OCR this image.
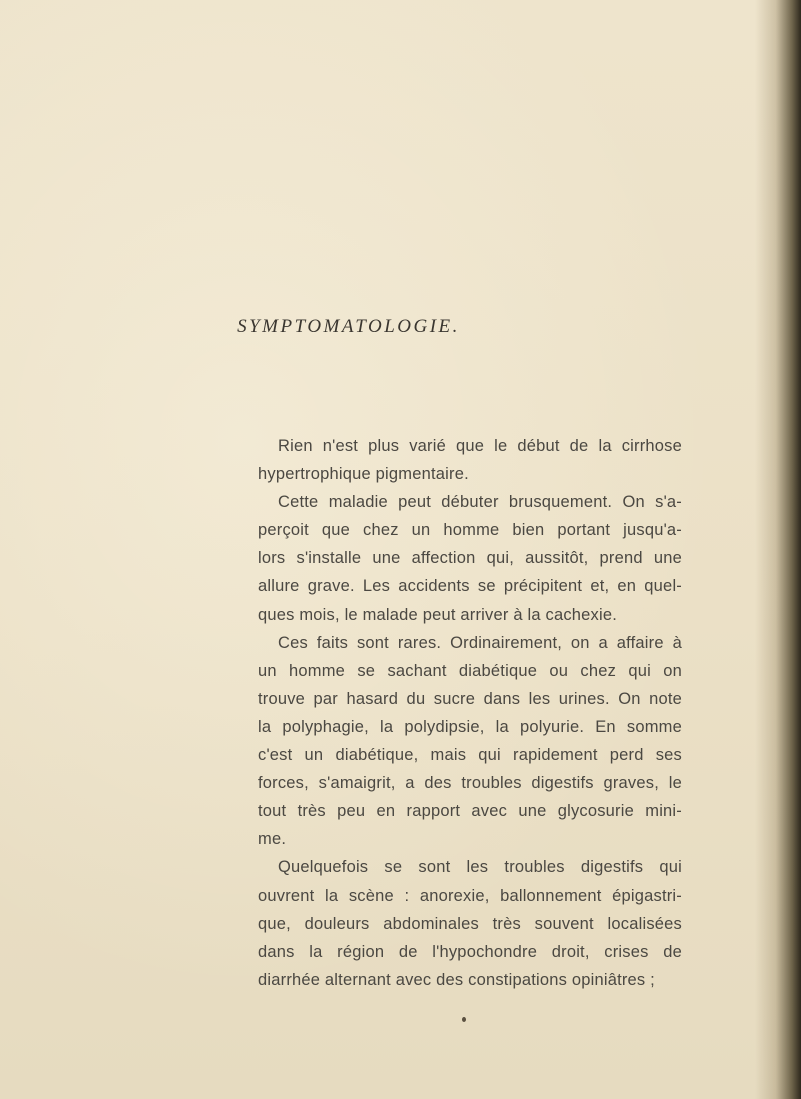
SYMPTOMATOLOGIE.
Rien n'est plus varié que le début de la cirrhose
hypertrophique pigmentaire.
Cette maladie peut débuter brusquement. On s'a-
perçoit que chez un homme bien portant jusqu'a-
lors s'installe une affection qui, aussitôt, prend une
allure grave. Les accidents se précipitent et, en quel-
ques mois, le malade peut arriver à la cachexie.
Ces faits sont rares. Ordinairement, on a affaire à
un homme se sachant diabétique ou chez qui on
trouve par hasard du sucre dans les urines. On note
la polyphagie, la polydipsie, la polyurie. En somme
c'est un diabétique, mais qui rapidement perd ses
forces, s'amaigrit, a des troubles digestifs graves, le
tout très peu en rapport avec une glycosurie mini-
me.
Quelquefois se sont les troubles digestifs qui
ouvrent la scène : anorexie, ballonnement épigastri-
que, douleurs abdominales très souvent localisées
dans la région de l'hypochondre droit, crises de
diarrhée alternant avec des constipations opiniâtres ;
